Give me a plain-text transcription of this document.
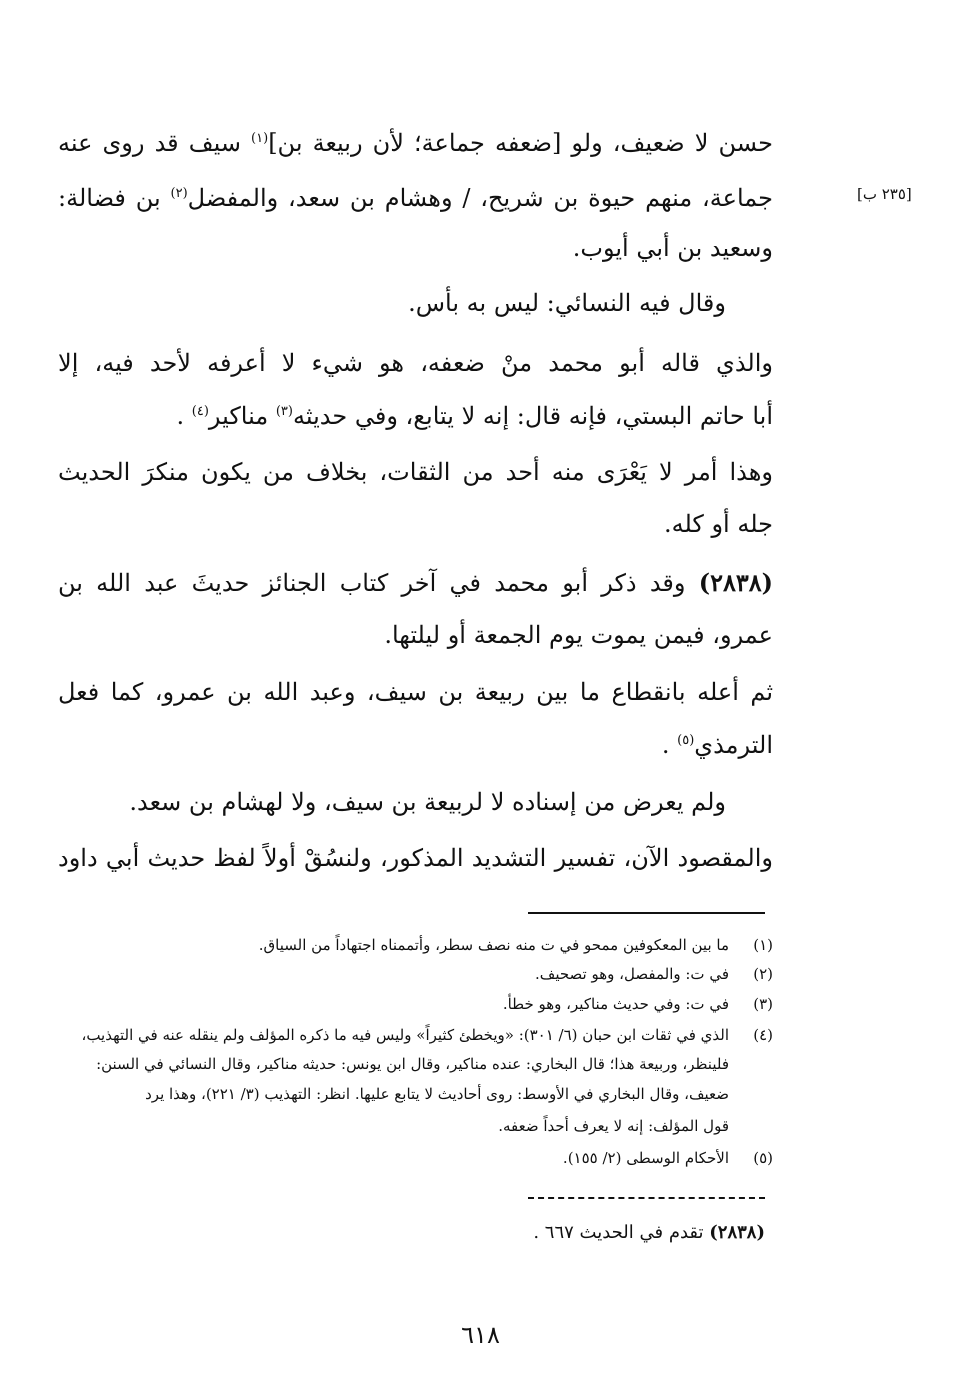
[٢٣٥ ب]
حسن لا ضعيف، ولو [ضعفه جماعة؛ لأن ربيعة بن]$^{(١)}$ سيف قد روى عنه
جماعة، منهم حيوة بن شريح، / وهشام بن سعد، والمفضل$^{(٢)}$ بن فضالة:
وسعيد بن أبي أيوب.
وقال فيه النسائي: ليس به بأس.
والذي قاله أبو محمد منْ ضعفه، هو شيء لا أعرفه لأحد فيه، إلا
أبا حاتم البستي، فإنه قال: إنه لا يتابع، وفي حديثه$^{(٣)}$ مناكير$^{(٤)}$ .
وهذا أمر لا يَعْرَى منه أحد من الثقات، بخلاف من يكون منكرَ الحديث
جله أو كله.
(٢٨٣٨) وقد ذكر أبو محمد في آخر كتاب الجنائز حديثَ عبد الله بن
عمرو، فيمن يموت يوم الجمعة أو ليلتها.
ثم أعله بانقطاع ما بين ربيعة بن سيف، وعبد الله بن عمرو، كما فعل
الترمذي$^{(٥)}$ .
ولم يعرض من إسناده لا لربيعة بن سيف، ولا لهشام بن سعد.
والمقصود الآن، تفسير التشديد المذكور، ولنسُقْ أولاً لفظ حديث أبي داود
(١)ما بين المعكوفين ممحو في ت منه نصف سطر، وأتممناه اجتهاداً من السياق.
(٢)في ت: والمفصل، وهو تصحيف.
(٣)في ت: وفي حديث مناكير، وهو خطأ.
(٤)الذي في ثقات ابن حبان (٦/ ٣٠١): «ويخطئ كثيراً» وليس فيه ما ذكره المؤلف ولم ينقله عنه في التهذيب،
فلينظر، وربيعة هذا؛ قال البخاري: عنده مناكير، وقال ابن يونس: حديثه مناكير، وقال النسائي في السنن:
ضعيف، وقال البخاري في الأوسط: روى أحاديث لا يتابع عليها. انظر: التهذيب (٣/ ٢٢١)، وهذا يرد
قول المؤلف: إنه لا يعرف أحداً ضعفه.
(٥)الأحكام الوسطى (٢/ ١٥٥).
(٢٨٣٨) تقدم في الحديث ٦٦٧ .
٦١٨
